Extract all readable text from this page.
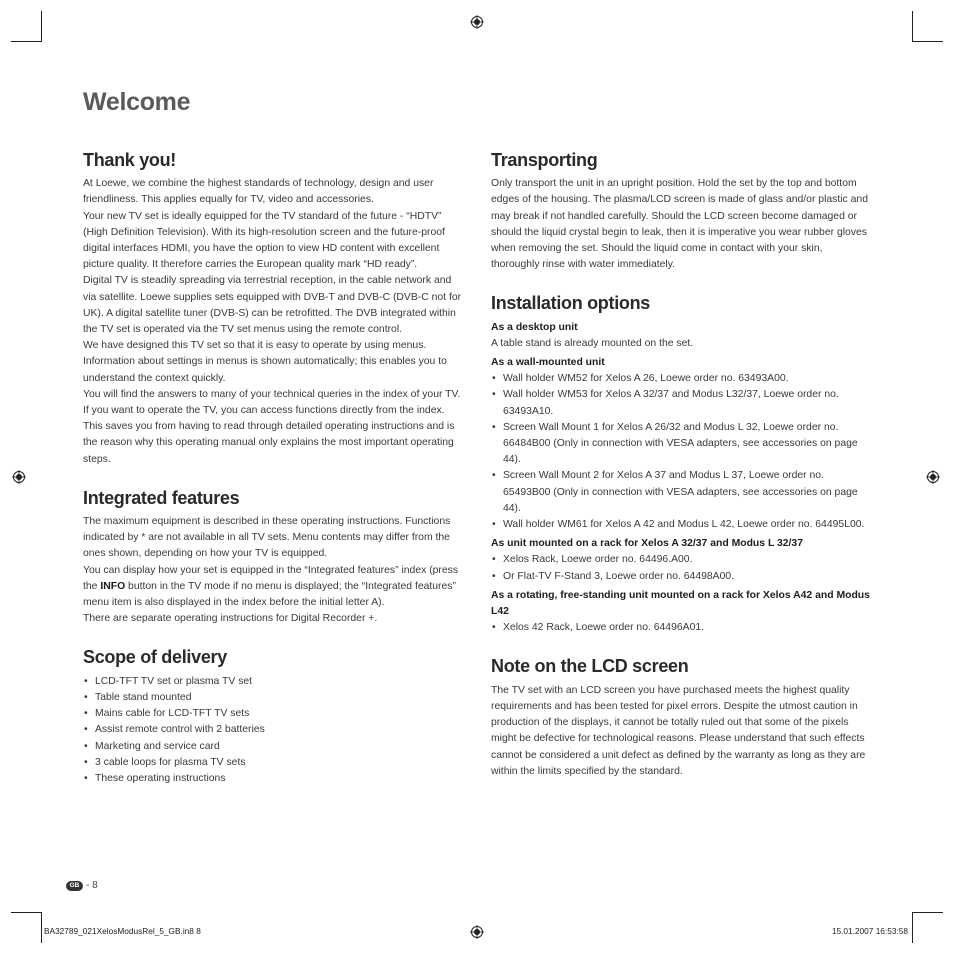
Welcome
Thank you!

At Loewe, we combine the highest standards of technology, design and user friendliness. This applies equally for TV, video and accessories.

Your new TV set is ideally equipped for the TV standard of the future - “HDTV” (High Definition Television). With its high-resolution screen and the future-proof digital interfaces HDMI, you have the option to view HD content with excellent picture quality. It therefore carries the European quality mark “HD ready”.

Digital TV is steadily spreading via terrestrial reception, in the cable network and via satellite. Loewe supplies sets equipped with DVB-T and DVB-C (DVB-C not for UK). A digital satellite tuner (DVB-S) can be retrofitted. The DVB integrated within the TV set is operated via the TV set menus using the remote control.

We have designed this TV set so that it is easy to operate by using menus. Information about settings in menus is shown automatically; this enables you to understand the context quickly.

You will find the answers to many of your technical queries in the index of your TV. If you want to operate the TV, you can access functions directly from the index. This saves you from having to read through detailed operating instructions and is the reason why this operating manual only explains the most important operating steps.

Integrated features

The maximum equipment is described in these operating instructions. Functions indicated by * are not available in all TV sets. Menu contents may differ from the ones shown, depending on how your TV is equipped.

You can display how your set is equipped in the “Integrated features” index (press the INFO button in the TV mode if no menu is displayed; the “Integrated features” menu item is also displayed in the index before the initial letter A).

There are separate operating instructions for Digital Recorder +.

Scope of delivery
• LCD-TFT TV set or plasma TV set
• Table stand mounted
• Mains cable for LCD-TFT TV sets
• Assist remote control with 2 batteries
• Marketing and service card
• 3 cable loops for plasma TV sets
• These operating instructions
Transporting

Only transport the unit in an upright position. Hold the set by the top and bottom edges of the housing. The plasma/LCD screen is made of glass and/or plastic and may break if not handled carefully. Should the LCD screen become damaged or should the liquid crystal begin to leak, then it is imperative you wear rubber gloves when removing the set. Should the liquid come in contact with your skin, thoroughly rinse with water immediately.

Installation options

As a desktop unit

A table stand is already mounted on the set.

As a wall-mounted unit

• Wall holder WM52 for Xelos A 26, Loewe order no. 63493A00.
• Wall holder WM53 for Xelos A 32/37 and Modus L32/37, Loewe order no. 63493A10.
• Screen Wall Mount 1 for Xelos A 26/32 and Modus L 32, Loewe order no. 66484B00 (Only in connection with VESA adapters, see accessories on page 44).
• Screen Wall Mount 2 for Xelos A 37 and Modus L 37, Loewe order no. 65493B00 (Only in connection with VESA adapters, see accessories on page 44).
• Wall holder WM61 for Xelos A 42 and Modus L 42, Loewe order no. 64495L00.

As unit mounted on a rack for Xelos A 32/37 and Modus L 32/37

• Xelos Rack, Loewe order no. 64496.A00.
• Or Flat-TV F-Stand 3, Loewe order no. 64498A00.

As a rotating, free-standing unit mounted on a rack for Xelos A42 and Modus L42

• Xelos 42 Rack, Loewe order no. 64496A01.
Note on the LCD screen

The TV set with an LCD screen you have purchased meets the highest quality requirements and has been tested for pixel errors. Despite the utmost caution in production of the displays, it cannot be totally ruled out that some of the pixels might be defective for technological reasons. Please understand that such effects cannot be considered a unit defect as defined by the warranty as long as they are within the limits specified by the standard.

GB - 8
BA32789_021XelosModusRel_5_GB.in8 8	15.01.2007 16:53:58
